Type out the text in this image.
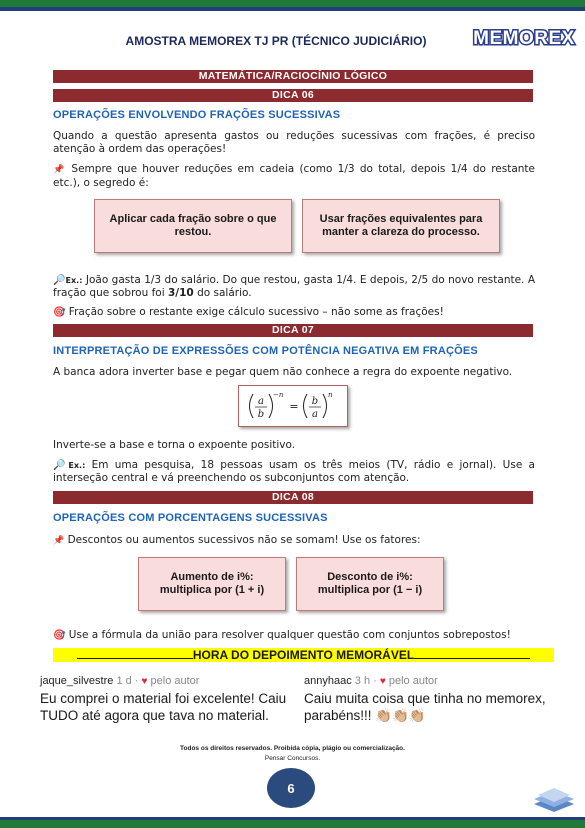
AMOSTRA MEMOREX TJ PR (TÉCNICO JUDICIÁRIO)	MEMOREX
MATEMÁTICA/RACIOCÍNIO LÓGICO
DICA 06
OPERAÇÕES ENVOLVENDO FRAÇÕES SUCESSIVAS
Quando a questão apresenta gastos ou reduções sucessivas com frações, é preciso atenção à ordem das operações!
📌 Sempre que houver reduções em cadeia (como 1/3 do total, depois 1/4 do restante etc.), o segredo é:
Aplicar cada fração sobre o que restou.
Usar frações equivalentes para manter a clareza do processo.
🔎Ex.: João gasta 1/3 do salário. Do que restou, gasta 1/4. E depois, 2/5 do novo restante. A fração que sobrou foi 3/10 do salário.
🎯 Fração sobre o restante exige cálculo sucessivo – não some as frações!
DICA 07
INTERPRETAÇÃO DE EXPRESSÕES COM POTÊNCIA NEGATIVA EM FRAÇÕES
A banca adora inverter base e pegar quem não conhece a regra do expoente negativo.
a
b
−n
= b
a
n
Inverte-se a base e torna o expoente positivo.
🔎Ex.: Em uma pesquisa, 18 pessoas usam os três meios (TV, rádio e jornal). Use a interseção central e vá preenchendo os subconjuntos com atenção.
DICA 08
OPERAÇÕES COM PORCENTAGENS SUCESSIVAS
📌 Descontos ou aumentos sucessivos não se somam! Use os fatores:
Aumento de i%:
multiplica por (1 + i)
Desconto de i%:
multiplica por (1 − i)
🎯 Use a fórmula da união para resolver qualquer questão com conjuntos sobrepostos!
HORA DO DEPOIMENTO MEMORÁVEL
jaque_silvestre 1 d · ♥ pelo autor
Eu comprei o material foi excelente! Caiu TUDO até agora que tava no material.
annyhaac 3 h · ♥ pelo autor
Caiu muita coisa que tinha no memorex, parabéns!!! 👏🏼👏🏼👏🏼
Todos os direitos reservados. Proibida cópia, plágio ou comercialização.
Pensar Concursos.
6
